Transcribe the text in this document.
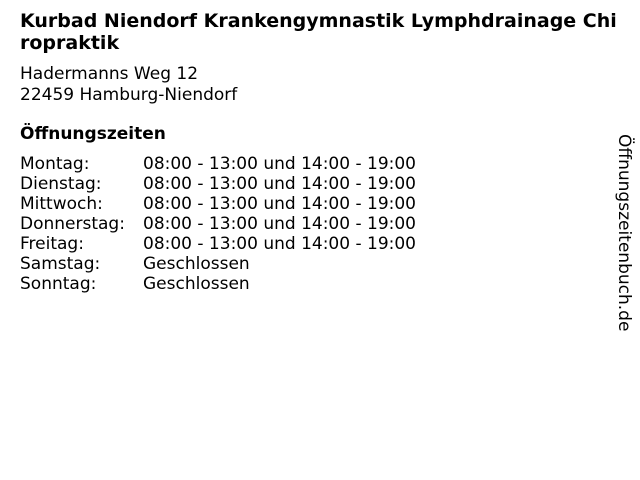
Kurbad Niendorf Krankengymnastik Lymphdrainage Chiropraktik
Hadermanns Weg 12
22459 Hamburg-Niendorf
Öffnungszeiten
Montag:	08:00 - 13:00 und 14:00 - 19:00
Dienstag:	08:00 - 13:00 und 14:00 - 19:00
Mittwoch:	08:00 - 13:00 und 14:00 - 19:00
Donnerstag:	08:00 - 13:00 und 14:00 - 19:00
Freitag:	08:00 - 13:00 und 14:00 - 19:00
Samstag:	Geschlossen
Sonntag:	Geschlossen	Öffnungszeitenbuch.de
